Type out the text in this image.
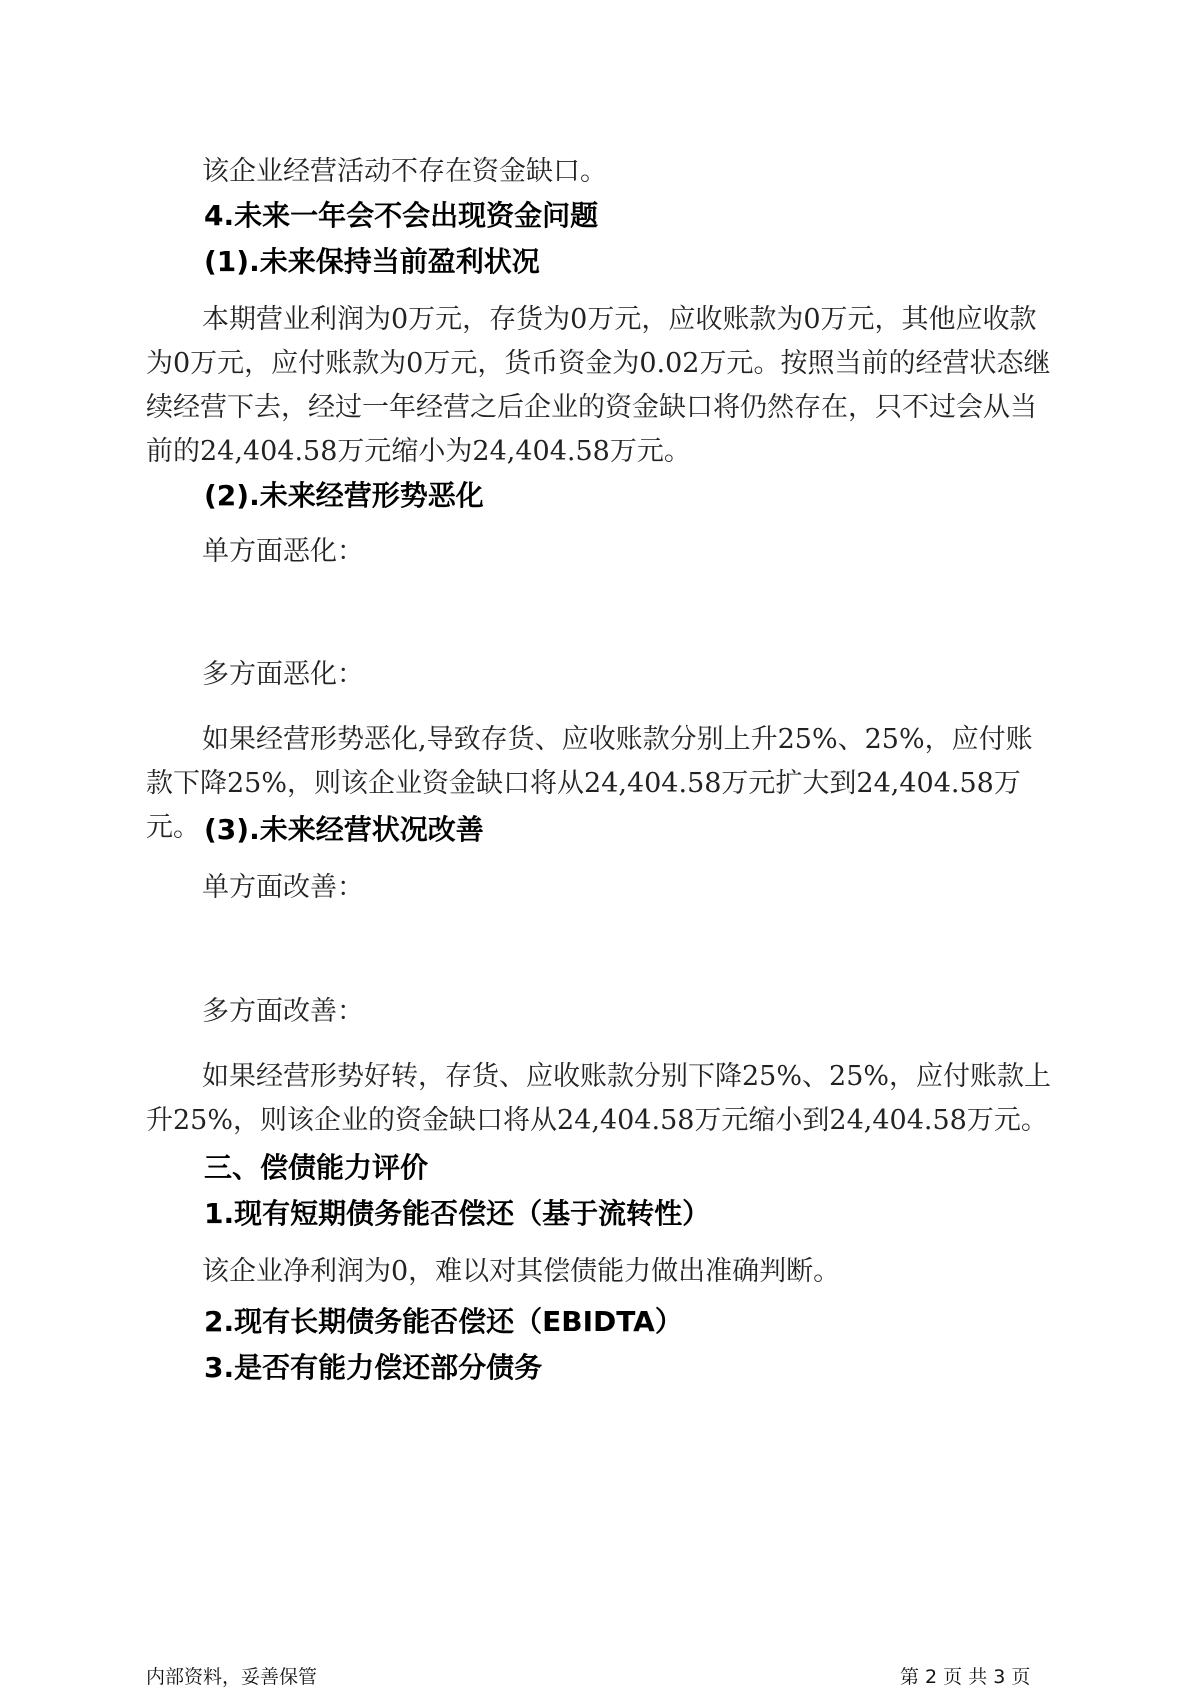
该企业经营活动不存在资金缺口。

4.未来一年会不会出现资金问题
(1).未来保持当前盈利状况

本期营业利润为0万元，存货为0万元，应收账款为0万元，其他应收款为0万元，应付账款为0万元，货币资金为0.02万元。按照当前的经营状态继续经营下去，经过一年经营之后企业的资金缺口将仍然存在，只不过会从当前的24,404.58万元缩小为24,404.58万元。

(2).未来经营形势恶化

单方面恶化：

多方面恶化：

如果经营形势恶化,导致存货、应收账款分别上升25%、25%，应付账款下降25%，则该企业资金缺口将从24,404.58万元扩大到24,404.58万元。 (3).未来经营状况改善

单方面改善：

多方面改善：

如果经营形势好转，存货、应收账款分别下降25%、25%，应付账款上升25%，则该企业的资金缺口将从24,404.58万元缩小到24,404.58万元。

三、偿债能力评价
1.现有短期债务能否偿还（基于流转性）

该企业净利润为0，难以对其偿债能力做出准确判断。

2.现有长期债务能否偿还（EBIDTA）
3.是否有能力偿还部分债务

内部资料，妥善保管	第 2 页 共 3 页
